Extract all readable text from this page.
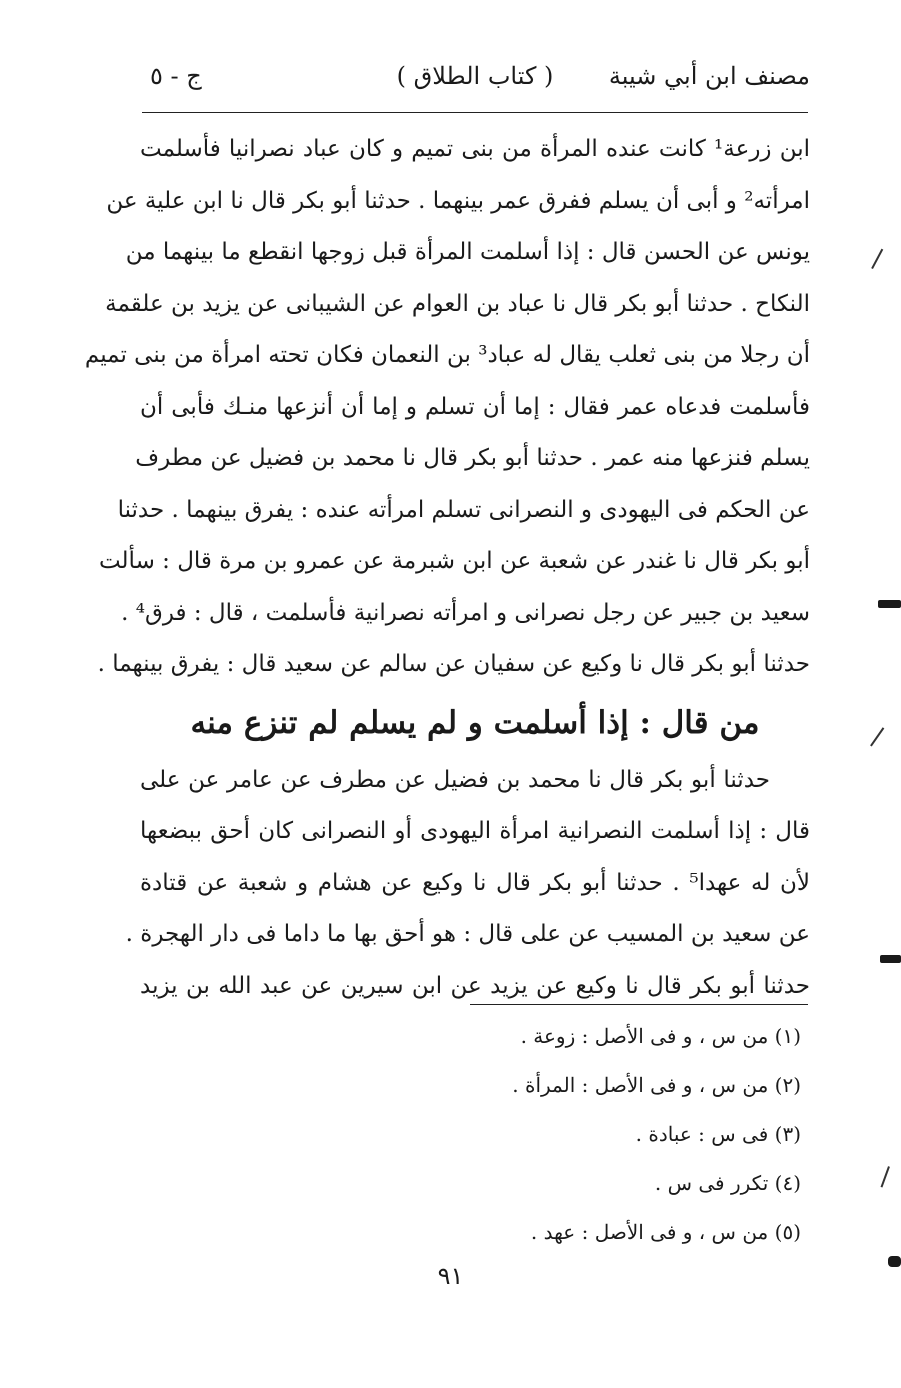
مصنف ابن أبي شيبة
( كتاب الطلاق )
ج - ٥
ابن زرعة¹ كانت عنده المرأة من بنى تميم و كان عباد نصرانيا فأسلمت
امرأته² و أبى أن يسلم ففرق عمر بينهما . حدثنا أبو بكر قال نا ابن علية عن
يونس عن الحسن قال : إذا أسلمت المرأة قبل زوجها انقطع ما بينهما من
النكاح . حدثنا أبو بكر قال نا عباد بن العوام عن الشيبانى عن يزيد بن علقمة
أن رجلا من بنى ثعلب يقال له عباد³ بن النعمان فكان تحته امرأة من بنى تميم
فأسلمت فدعاه عمر فقال : إما أن تسلم و إما أن أنزعها منـك فأبى أن
يسلم فنزعها منه عمر . حدثنا أبو بكر قال نا محمد بن فضيل عن مطرف
عن الحكم فى اليهودى و النصرانى تسلم امرأته عنده : يفرق بينهما . حدثنا
أبو بكر قال نا غندر عن شعبة عن ابن شبرمة عن عمرو بن مرة قال : سألت
سعيد بن جبير عن رجل نصرانى و امرأته نصرانية فأسلمت ، قال : فرق⁴ .
حدثنا أبو بكر قال نا وكيع عن سفيان عن سالم عن سعيد قال : يفرق بينهما .
من قال : إذا أسلمت و لم يسلم لم تنزع منه
حدثنا أبو بكر قال نا محمد بن فضيل عن مطرف عن عامر عن على
قال : إذا أسلمت النصرانية امرأة اليهودى أو النصرانى كان أحق ببضعها
لأن له عهدا⁵ . حدثنا أبو بكر قال نا وكيع عن هشام و شعبة عن قتادة
عن سعيد بن المسيب عن على قال : هو أحق بها ما داما فى دار الهجرة .
حدثنا أبو بكر قال نا وكيع عن يزيد عن ابن سيرين عن عبد الله بن يزيد
(١) من س ، و فى الأصل : زوعة .
(٢) من س ، و فى الأصل : المرأة .
(٣) فى س : عبادة .
(٤) تكرر فى س .
(٥) من س ، و فى الأصل : عهد .
٩١
